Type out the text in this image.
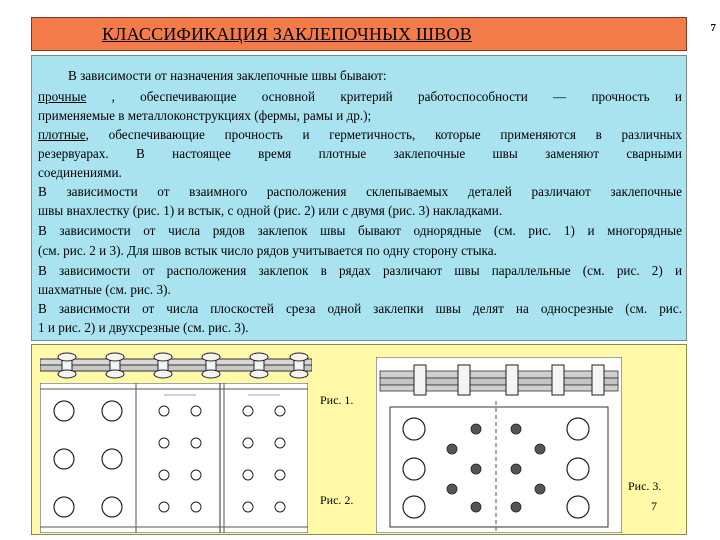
7
КЛАССИФИКАЦИЯ ЗАКЛЕПОЧНЫХ ШВОВ
В зависимости от назначения заклепочные швы бывают:
прочные , обеспечивающие основной критерий работоспособности — прочность и
применяемые в металлоконструкциях (фермы, рамы и др.);
плотные, обеспечивающие прочность и герметичность, которые применяются в различных
резервуарах. В настоящее время плотные заклепочные швы заменяют сварными
соединениями.
В зависимости от взаимного расположения склепываемых деталей различают заклепочные
швы внахлестку (рис. 1) и встык, с одной (рис. 2) или с двумя (рис. 3) накладками.
В зависимости от числа рядов заклепок швы бывают однорядные (см. рис. 1) и многорядные
(см. рис. 2 и 3). Для швов встык число рядов учитывается по одну сторону стыка.
В зависимости от расположения заклепок в рядах различают швы параллельные (см. рис. 2) и
шахматные (см. рис. 3).
В зависимости от числа плоскостей среза одной заклепки швы делят на односрезные (см. рис.
1 и рис. 2) и двухсрезные (см. рис. 3).
Рис. 1.
Рис. 2.
Рис. 3.
7
